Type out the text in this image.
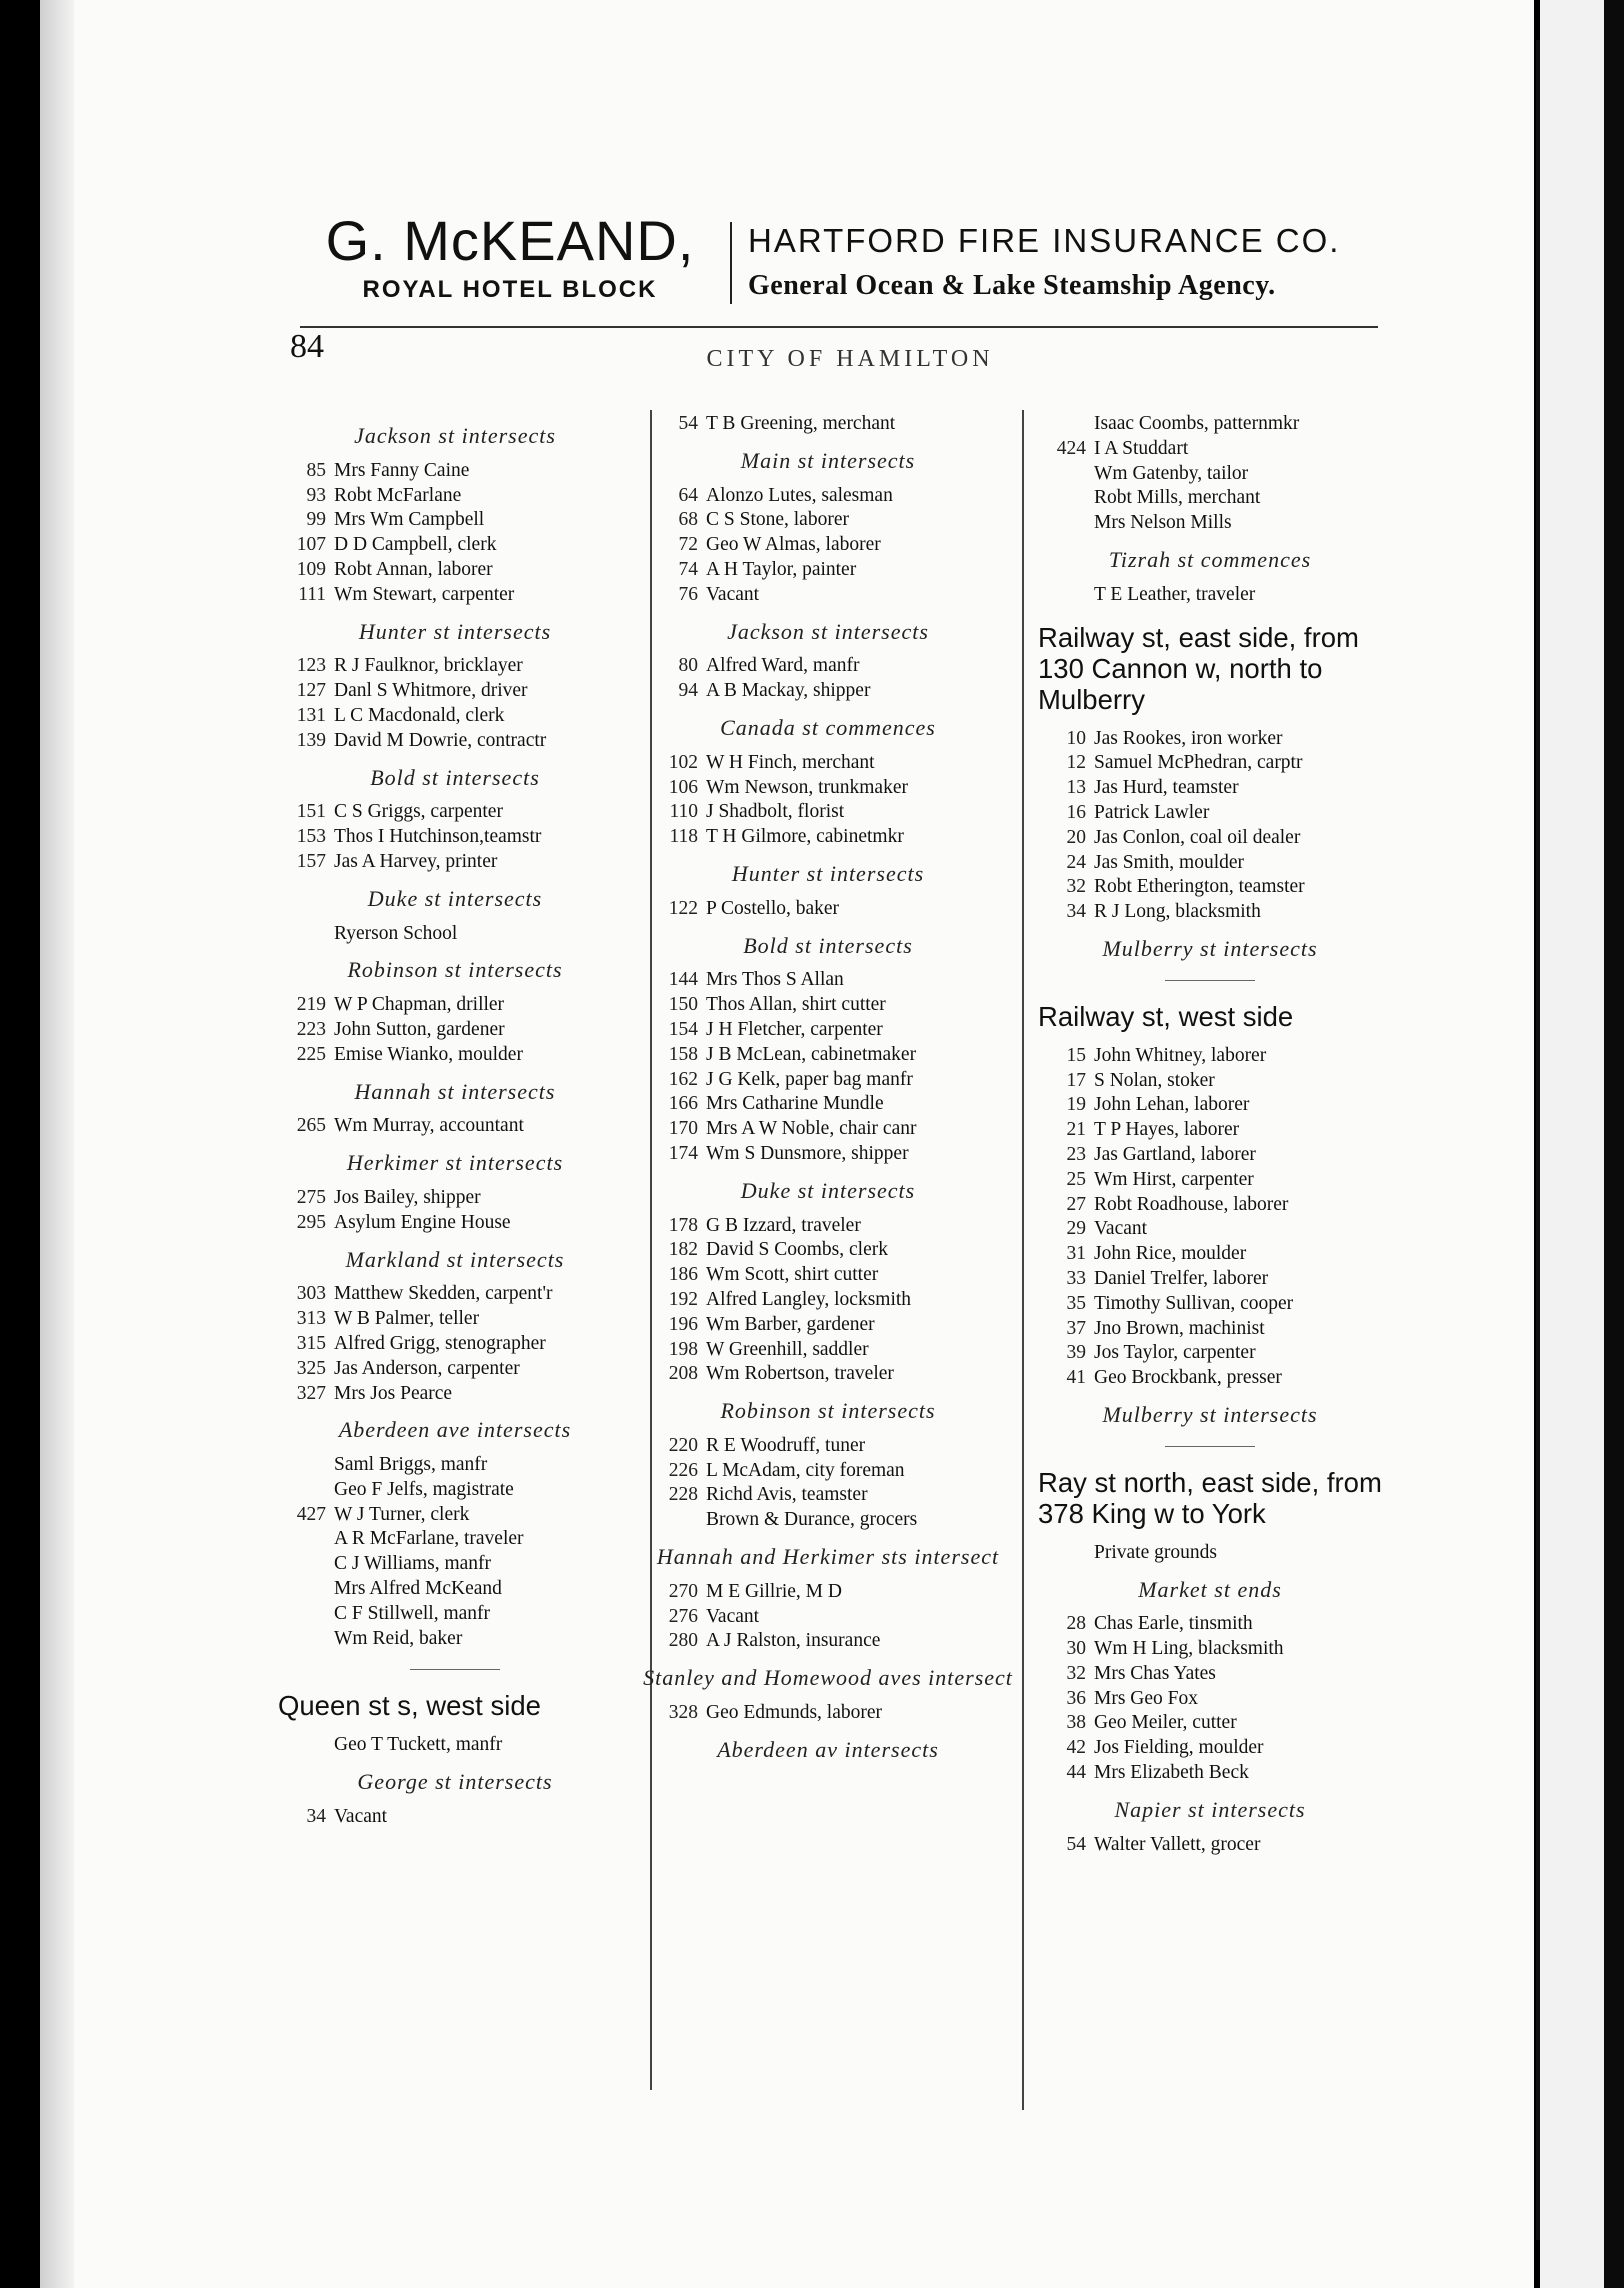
G. McKEAND,
ROYAL HOTEL BLOCK
HARTFORD FIRE INSURANCE CO.
General Ocean & Lake Steamship Agency.
84	CITY OF HAMILTON
Jackson st intersects
85 Mrs Fanny Caine
93 Robt McFarlane
99 Mrs Wm Campbell
107 D D Campbell, clerk
109 Robt Annan, laborer
111 Wm Stewart, carpenter
Hunter st intersects
123 R J Faulknor, bricklayer
127 Danl S Whitmore, driver
131 L C Macdonald, clerk
139 David M Dowrie, contractr
Bold st intersects
151 C S Griggs, carpenter
153 Thos I Hutchinson,teamstr
157 Jas A Harvey, printer
Duke st intersects
Ryerson School
Robinson st intersects
219 W P Chapman, driller
223 John Sutton, gardener
225 Emise Wianko, moulder
Hannah st intersects
265 Wm Murray, accountant
Herkimer st intersects
275 Jos Bailey, shipper
295 Asylum Engine House
Markland st intersects
303 Matthew Skedden, carpent'r
313 W B Palmer, teller
315 Alfred Grigg, stenographer
325 Jas Anderson, carpenter
327 Mrs Jos Pearce
Aberdeen ave intersects
Saml Briggs, manfr
Geo F Jelfs, magistrate
427 W J Turner, clerk
A R McFarlane, traveler
C J Williams, manfr
Mrs Alfred McKeand
C F Stillwell, manfr
Wm Reid, baker
Queen st s, west side
Geo T Tuckett, manfr
George st intersects
34 Vacant
54 T B Greening, merchant
Main st intersects
64 Alonzo Lutes, salesman
68 C S Stone, laborer
72 Geo W Almas, laborer
74 A H Taylor, painter
76 Vacant
Jackson st intersects
80 Alfred Ward, manfr
94 A B Mackay, shipper
Canada st commences
102 W H Finch, merchant
106 Wm Newson, trunkmaker
110 J Shadbolt, florist
118 T H Gilmore, cabinetmkr
Hunter st intersects
122 P Costello, baker
Bold st intersects
144 Mrs Thos S Allan
150 Thos Allan, shirt cutter
154 J H Fletcher, carpenter
158 J B McLean, cabinetmaker
162 J G Kelk, paper bag manfr
166 Mrs Catharine Mundle
170 Mrs A W Noble, chair canr
174 Wm S Dunsmore, shipper
Duke st intersects
178 G B Izzard, traveler
182 David S Coombs, clerk
186 Wm Scott, shirt cutter
192 Alfred Langley, locksmith
196 Wm Barber, gardener
198 W Greenhill, saddler
208 Wm Robertson, traveler
Robinson st intersects
220 R E Woodruff, tuner
226 L McAdam, city foreman
228 Richd Avis, teamster
Brown & Durance, grocers
Hannah and Herkimer sts intersect
270 M E Gillrie, M D
276 Vacant
280 A J Ralston, insurance
Stanley and Homewood aves intersect
328 Geo Edmunds, laborer
Aberdeen av intersects
Isaac Coombs, patternmkr
424 I A Studdart
Wm Gatenby, tailor
Robt Mills, merchant
Mrs Nelson Mills
Tizrah st commences
T E Leather, traveler
Railway st, east side, from 130 Cannon w, north to Mulberry
10 Jas Rookes, iron worker
12 Samuel McPhedran, carptr
13 Jas Hurd, teamster
16 Patrick Lawler
20 Jas Conlon, coal oil dealer
24 Jas Smith, moulder
32 Robt Etherington, teamster
34 R J Long, blacksmith
Mulberry st intersects
Railway st, west side
15 John Whitney, laborer
17 S Nolan, stoker
19 John Lehan, laborer
21 T P Hayes, laborer
23 Jas Gartland, laborer
25 Wm Hirst, carpenter
27 Robt Roadhouse, laborer
29 Vacant
31 John Rice, moulder
33 Daniel Trelfer, laborer
35 Timothy Sullivan, cooper
37 Jno Brown, machinist
39 Jos Taylor, carpenter
41 Geo Brockbank, presser
Mulberry st intersects
Ray st north, east side, from 378 King w to York
Private grounds
Market st ends
28 Chas Earle, tinsmith
30 Wm H Ling, blacksmith
32 Mrs Chas Yates
36 Mrs Geo Fox
38 Geo Meiler, cutter
42 Jos Fielding, moulder
44 Mrs Elizabeth Beck
Napier st intersects
54 Walter Vallett, grocer
